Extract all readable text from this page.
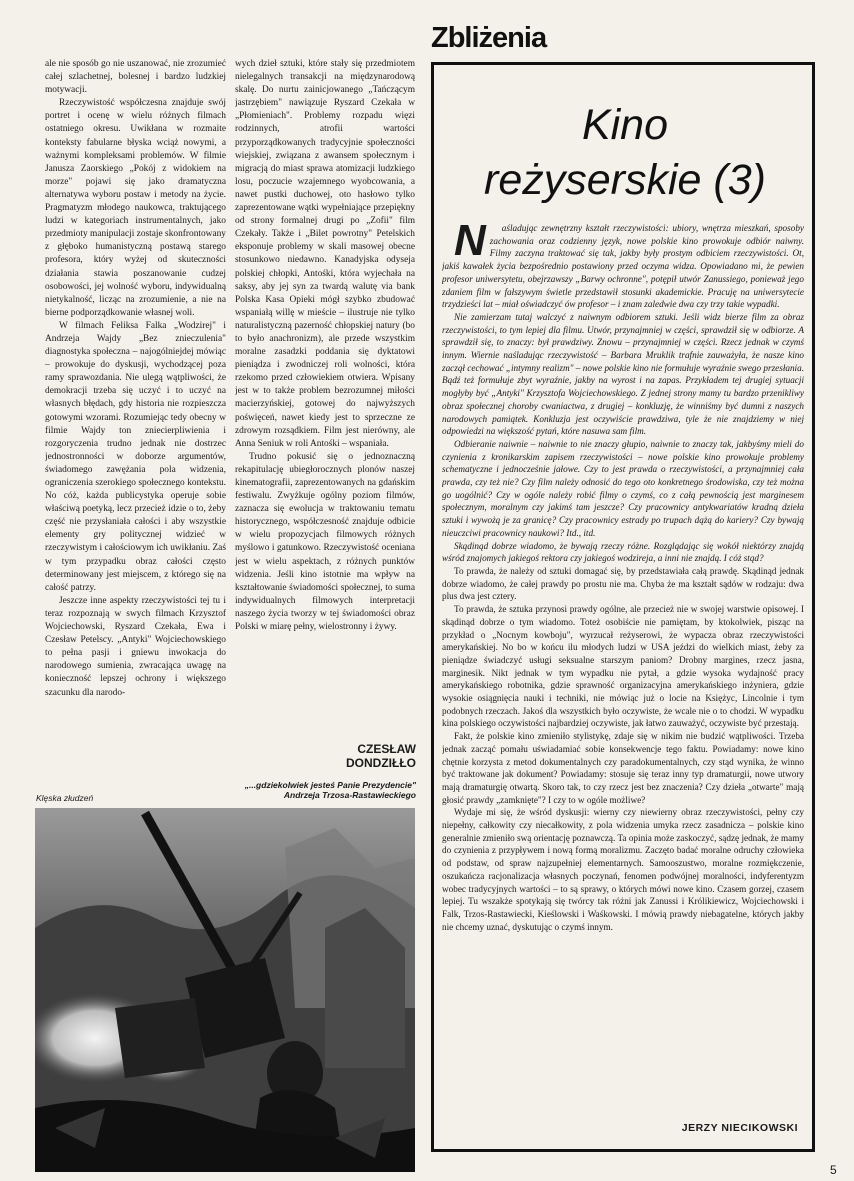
ale nie sposób go nie uszanować, nie zrozumieć całej szlachetnej, bolesnej i bardzo ludzkiej motywacji.

Rzeczywistość współczesna znajduje swój portret i ocenę w wielu różnych filmach ostatniego okresu. Uwikłana w rozmaite konteksty fabularne błyska wciąż nowymi, a ważnymi kompleksami problemów. W filmie Janusza Zaorskiego „Pokój z widokiem na morze" pojawi się jako dramatyczna alternatywa wyboru postaw i metody na życie. Pragmatyzm młodego naukowca, traktującego ludzi w kategoriach instrumentalnych, jako przedmioty manipulacji zostaje skonfrontowany z głęboko humanistyczną postawą starego profesora, który wyżej od skuteczności działania stawia poszanowanie cudzej osobowości, jej wolność wyboru, indywidualną nietykalność, licząc na zrozumienie, a nie na bierne podporządkowanie własnej woli.

W filmach Feliksa Falka „Wodzirej" i Andrzeja Wajdy „Bez znieczulenia" diagnostyka społeczna – najogólniejdej mówiąc – prowokuje do dyskusji, wychodzącej poza ramy sprawozdania. Nie ulegą wątpliwości, że demokracji trzeba się uczyć i to uczyć na własnych błędach, gdy historia nie rozpieszcza gotowymi wzorami. Rozumiejąc tedy obecny w filmie Wajdy ton zniecierpliwienia i rozgoryczenia trudno jednak nie dostrzec jednostronności w doborze argumentów, świadomego zawężania pola widzenia, ograniczenia szerokiego społecznego kontekstu. No cóż, każda publicystyka operuje sobie właściwą poetyką, lecz przecież idzie o to, żeby część nie przysłaniała całości i aby wszystkie elementy gry politycznej widzieć w rzeczywistym i całościowym ich uwikłaniu. Zaś w tym przypadku obraz całości często determinowany jest miejscem, z którego się na całość patrzy.

Jeszcze inne aspekty rzeczywistości tej tu i teraz rozpoznają w swych filmach Krzysztof Wojciechowski, Ryszard Czekała, Ewa i Czesław Petelscy. „Antyki" Wojciechowskiego to pełna pasji i gniewu inwokacja do narodowego sumienia, zwracająca uwagę na konieczność lepszej ochrony i większego szacunku dla narodo-

wych dzieł sztuki, które stały się przedmiotem nielegalnych transakcji na międzynarodową skalę. Do nurtu zainicjowanego „Tańczącym jastrzębiem" nawiązuje Ryszard Czekała w „Płomieniach". Problemy rozpadu więzi rodzinnych, atrofii wartości przyporządkowanych tradycyjnie społeczności wiejskiej, związana z awansem społecznym i migracją do miast sprawa atomizacji ludzkiego losu, poczucie wzajemnego wyobcowania, a nawet pustki duchowej, oto hasłowo tylko zaprezentowane wątki wypełniające przepiękny od strony formalnej drugi po „Zofii" film Czekały. Także i „Bilet powrotny" Petelskich eksponuje problemy w skali masowej obecne stosunkowo niedawno. Kanadyjska odyseja polskiej chłopki, Antośki, która wyjechała na saksy, aby jej syn za twardą walutę via bank Polska Kasa Opieki mógł szybko zbudować wspaniałą willę w mieście – ilustruje nie tylko naturalistyczną pazerność chłopskiej natury (bo to było anachronizm), ale przede wszystkim moralne zasadzki poddania się dyktatowi pieniądza i zwodniczej roli wolności, która rzekomo przed człowiekiem otwiera. Wpisany jest w to także problem bezrozumnej miłości macierzyńskiej, gotowej do najwyższych poświęceń, nawet kiedy jest to sprzeczne ze zdrowym rozsądkiem. Film jest nierówny, ale Anna Seniuk w roli Antośki – wspaniała.

Trudno pokusić się o jednoznaczną rekapitulację ubiegłorocznych plonów naszej kinematografii, zaprezentowanych na gdańskim festiwalu. Zwyżkuje ogólny poziom filmów, zaznacza się ewolucja w traktowaniu tematu historycznego, współczesność znajduje odbicie w wielu propozycjach filmowych różnych myślowo i gatunkowo. Rzeczywistość oceniana jest w wielu aspektach, z różnych punktów widzenia. Jeśli kino istotnie ma wpływ na kształtowanie świadomości społecznej, to suma indywidualnych filmowych interpretacji naszego życia tworzy w tej świadomości obraz Polski w miarę pełny, wielostronny i żywy.

CZESŁAW
DONDZIŁŁO
Klęska złudzeń
„...gdziekolwiek jesteś Panie Prezydencie"
Andrzeja Trzosa-Rastawieckiego
Zbliżenia
Kino
reżyserskie (3)

N aśladując zewnętrzny kształt rzeczywistości: ubiory, wnętrza mieszkań, sposoby zachowania oraz codzienny język, nowe polskie kino prowokuje odbiór naiwny. Filmy zaczyna traktować się tak, jakby były prostym odbiciem rzeczywistości. Ot, jakiś kawałek życia bezpośrednio postawiony przed oczyma widza. Opowiadano mi, że pewien profesor uniwersytetu, obejrzawszy „Barwy ochronne", potępił utwór Zanussiego, ponieważ jego zdaniem film w fałszywym świetle przedstawił stosunki akademickie. Pracuję na uniwersytecie trzydzieści lat – miał oświadczyć ów profesor – i znam zaledwie dwa czy trzy takie wypadki.

Nie zamierzam tutaj walczyć z naiwnym odbiorem sztuki. Jeśli widz bierze film za obraz rzeczywistości, to tym lepiej dla filmu. Utwór, przynajmniej w części, sprawdził się w odbiorze. A sprawdził się, to znaczy: był prawdziwy. Znowu – przynajmniej w części. Rzecz jednak w czymś innym. Wiernie naśladując rzeczywistość – Barbara Mruklik trafnie zauważyła, że nasze kino zaczął cechować „intymny realizm" – nowe polskie kino nie formułuje wyraźnie swego przesłania. Bądź też formułuje zbyt wyraźnie, jakby na wyrost i na zapas. Przykładem tej drugiej sytuacji mogłyby być „Antyki" Krzysztofa Wojciechowskiego. Z jednej strony mamy tu bardzo przenikliwy obraz społecznej choroby cwaniactwa, z drugiej – konkluzję, że winniśmy być dumni z naszych narodowych pamiątek. Konkluzja jest oczywiście prawdziwa, tyle że nie znajdziemy w niej odpowiedzi na większość pytań, które nasuwa sam film.

Odbieranie naiwnie – naiwnie to nie znaczy głupio, naiwnie to znaczy tak, jakbyśmy mieli do czynienia z kronikarskim zapisem rzeczywistości – nowe polskie kino prowokuje problemy schematyczne i jednocześnie jałowe. Czy to jest prawda o rzeczywistości, a przynajmniej cała prawda, czy też nie? Czy film należy odnosić do tego oto konkretnego środowiska, czy też można go uogólnić? Czy w ogóle należy robić filmy o czymś, co z całą pewnością jest marginesem społecznym, moralnym czy jakimś tam jeszcze? Czy pracownicy antykwariatów kradną dzieła sztuki i wywożą je za granicę? Czy pracownicy estrady po trupach dążą do kariery? Czy bywają nieuczciwi pracownicy naukowi? Itd., itd.

Skądinąd dobrze wiadomo, że bywają rzeczy różne. Rozglądając się wokół niektórzy znajdą wśród znajomych jakiegoś rektora czy jakiegoś wodzireja, a inni nie znajdą. I cóż stąd?

To prawda, że należy od sztuki domagać się, by przedstawiała całą prawdę. Skądinąd jednak dobrze wiadomo, że całej prawdy po prostu nie ma. Chyba że ma kształt sądów w rodzaju: dwa plus dwa jest cztery.

To prawda, że sztuka przynosi prawdy ogólne, ale przecież nie w swojej warstwie opisowej. I skądinąd dobrze o tym wiadomo. Toteż osobiście nie pamiętam, by ktokolwiek, pisząc na przykład o „Nocnym kowboju", wyrzucał reżyserowi, że wypacza obraz rzeczywistości amerykańskiej. No bo w końcu ilu młodych ludzi w USA jeździ do wielkich miast, żeby za pieniądze świadczyć usługi seksualne starszym paniom? Drobny margines, rzecz jasna, marginesik. Nikt jednak w tym wypadku nie pytał, a gdzie wysoka wydajność pracy amerykańskiego robotnika, gdzie sprawność organizacyjna amerykańskiego inżyniera, gdzie wysokie osiągnięcia nauki i techniki, nie mówiąc już o locie na Księżyc, Lincolnie i tym podobnych rzeczach. Jakoś dla wszystkich było oczywiste, że wcale nie o to chodzi. W wypadku kina polskiego oczywistości najbardziej oczywiste, jak łatwo zauważyć, oczywiste być przestają.

Fakt, że polskie kino zmieniło stylistykę, zdaje się w nikim nie budzić wątpliwości. Trzeba jednak zacząć pomału uświadamiać sobie konsekwencje tego faktu. Powiadamy: nowe kino chętnie korzysta z metod dokumentalnych czy paradokumentalnych, czy stąd wynika, że winno być traktowane jak dokument? Powiadamy: stosuje się teraz inny typ dramaturgii, nowe utwory mają dramaturgię otwartą. Skoro tak, to czy rzecz jest bez znaczenia? Czy dzieła „otwarte" mają głosić prawdy „zamknięte"? I czy to w ogóle możliwe?

Wydaje mi się, że wśród dyskusji: wierny czy niewierny obraz rzeczywistości, pełny czy niepełny, całkowity czy niecałkowity, z pola widzenia umyka rzecz zasadnicza – polskie kino generalnie zmieniło swą orientację poznawczą. Ta opinia może zaskoczyć, sądzę jednak, że mamy do czynienia z przypływem i nową formą moralizmu. Zaczęto badać moralne odruchy człowieka od podstaw, od spraw najzupełniej elementarnych. Samooszustwo, moralne rozmiękczenie, oszukańcza racjonalizacja własnych poczynań, fenomen podwójnej moralności, indyferentyzm wobec tradycyjnych wartości – to są sprawy, o których mówi nowe kino. Czasem gorzej, czasem lepiej. Tu wszakże spotykają się twórcy tak różni jak Zanussi i Królikiewicz, Wojciechowski i Falk, Trzos-Rastawiecki, Kieślowski i Waśkowski. I mówią prawdy niebagatelne, których jakby nie chcemy uznać, dyskutując o czymś innym.

JERZY NIECIKOWSKI
5
